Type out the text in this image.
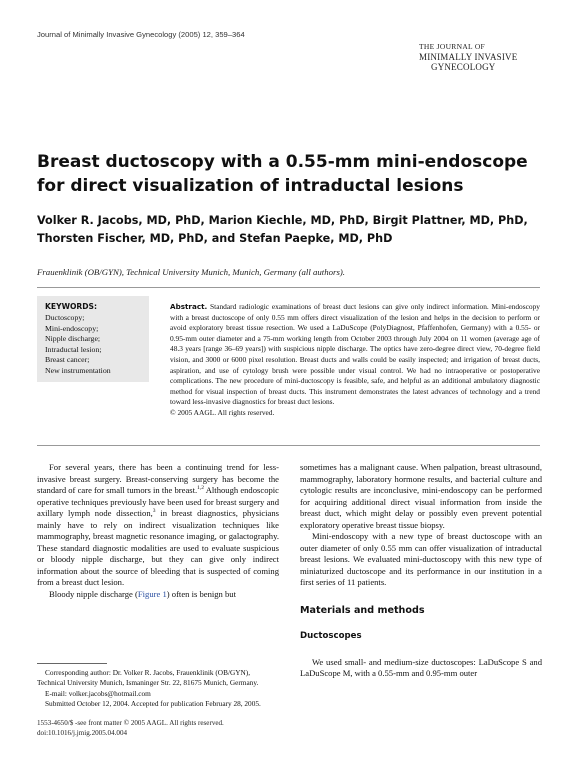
Journal of Minimally Invasive Gynecology (2005) 12, 359–364
THE JOURNAL OF
MINIMALLY INVASIVE
GYNECOLOGY
Breast ductoscopy with a 0.55-mm mini-endoscope for direct visualization of intraductal lesions
Volker R. Jacobs, MD, PhD, Marion Kiechle, MD, PhD, Birgit Plattner, MD, PhD, Thorsten Fischer, MD, PhD, and Stefan Paepke, MD, PhD
Frauenklinik (OB/GYN), Technical University Munich, Munich, Germany (all authors).
KEYWORDS:
Ductoscopy;
Mini-endoscopy;
Nipple discharge;
Intraductal lesion;
Breast cancer;
New instrumentation
Abstract. Standard radiologic examinations of breast duct lesions can give only indirect information. Mini-endoscopy with a breast ductoscope of only 0.55 mm offers direct visualization of the lesion and helps in the decision to perform or avoid exploratory breast tissue resection. We used a LaDuScope (PolyDiagnost, Pfaffenhofen, Germany) with a 0.55- or 0.95-mm outer diameter and a 75-mm working length from October 2003 through July 2004 on 11 women (average age of 48.3 years [range 36–69 years]) with suspicious nipple discharge. The optics have zero-degree direct view, 70-degree field vision, and 3000 or 6000 pixel resolution. Breast ducts and walls could be easily inspected; and irrigation of breast ducts, aspiration, and use of cytology brush were possible under visual control. We had no intraoperative or postoperative complications. The new procedure of mini-ductoscopy is feasible, safe, and helpful as an additional ambulatory diagnostic method for visual inspection of breast ducts. This instrument demonstrates the latest advances of technology and a trend toward less-invasive diagnostics for breast duct lesions.
© 2005 AAGL. All rights reserved.

For several years, there has been a continuing trend for less-invasive breast surgery. Breast-conserving surgery has become the standard of care for small tumors in the breast.$^{1,2}$ Although endoscopic operative techniques previously have been used for breast surgery and axillary lymph node dissection,$^3$ in breast diagnostics, physicians mainly have to rely on indirect visualization techniques like mammography, breast magnetic resonance imaging, or galactography. These standard diagnostic modalities are used to evaluate suspicious or bloody nipple discharge, but they can give only indirect information about the source of bleeding that is suspected of coming from a breast duct lesion.

Bloody nipple discharge (Figure 1) often is benign but

sometimes has a malignant cause. When palpation, breast ultrasound, mammography, laboratory hormone results, and bacterial culture and cytologic results are inconclusive, mini-endoscopy can be performed for acquiring additional direct visual information from inside the breast duct, which might delay or possibly even prevent potential exploratory operative breast tissue biopsy.

Mini-endoscopy with a new type of breast ductoscope with an outer diameter of only 0.55 mm can offer visualization of intraductal breast lesions. We evaluated mini-ductoscopy with this new type of miniaturized ductoscope and its performance in our institution in a first series of 11 patients.

Materials and methods
Ductoscopes

We used small- and medium-size ductoscopes: LaDuScope S and LaDuScope M, with a 0.55-mm and 0.95-mm outer

Corresponding author: Dr. Volker R. Jacobs, Frauenklinik (OB/GYN), Technical University Munich, Ismaninger Str. 22, 81675 Munich, Germany.

E-mail: volker.jacobs@hotmail.com

Submitted October 12, 2004. Accepted for publication February 28, 2005.

1553-4650/$ -see front matter © 2005 AAGL. All rights reserved.
doi:10.1016/j.jmig.2005.04.004
